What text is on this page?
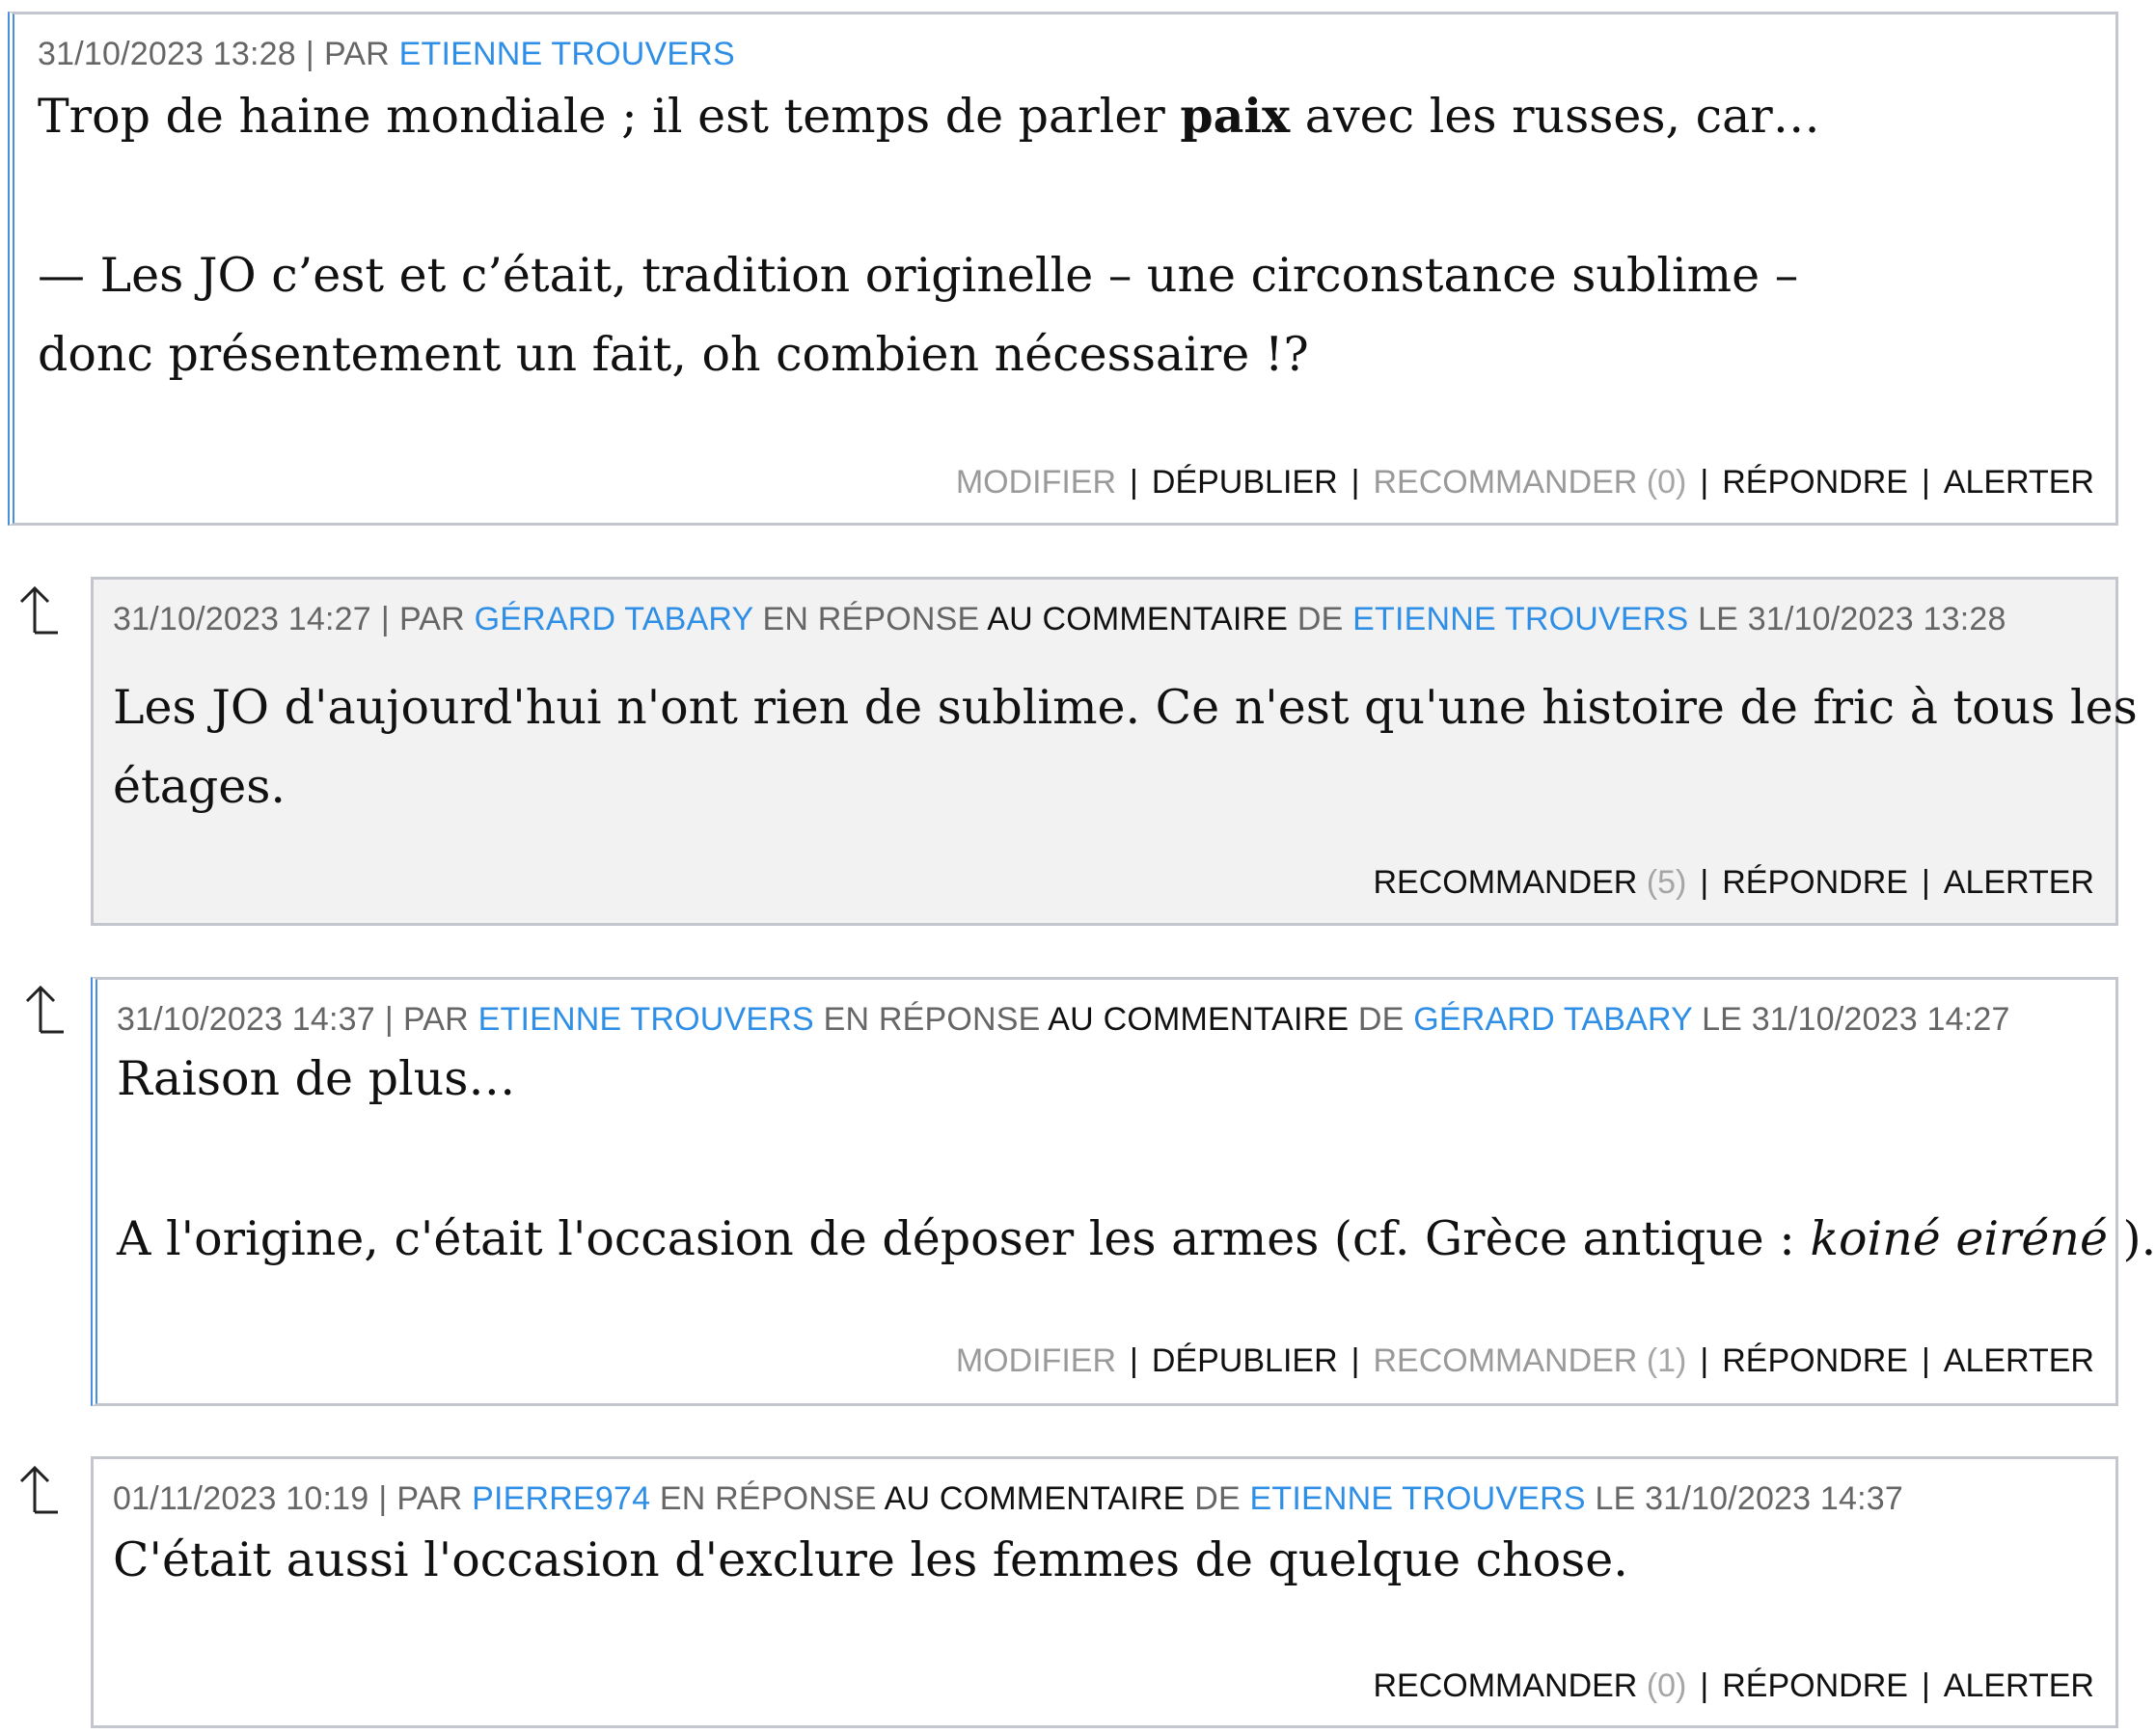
31/10/2023 13:28 | PAR ETIENNE TROUVERS

Trop de haine mondiale ; il est temps de parler paix avec les russes, car…

— Les JO c’est et c’était, tradition originelle – une circonstance sublime –

donc présentement un fait, oh combien nécessaire !?

MODIFIER | DÉPUBLIER | RECOMMANDER (0) | RÉPONDRE | ALERTER
31/10/2023 14:27 | PAR GÉRARD TABARY EN RÉPONSE AU COMMENTAIRE DE ETIENNE TROUVERS LE 31/10/2023 13:28

Les JO d'aujourd'hui n'ont rien de sublime. Ce n'est qu'une histoire de fric à tous les

étages.

RECOMMANDER (5) | RÉPONDRE | ALERTER
31/10/2023 14:37 | PAR ETIENNE TROUVERS EN RÉPONSE AU COMMENTAIRE DE GÉRARD TABARY LE 31/10/2023 14:27

Raison de plus…

A l'origine, c'était l'occasion de déposer les armes (cf. Grèce antique : koiné eiréné ).

MODIFIER | DÉPUBLIER | RECOMMANDER (1) | RÉPONDRE | ALERTER
01/11/2023 10:19 | PAR PIERRE974 EN RÉPONSE AU COMMENTAIRE DE ETIENNE TROUVERS LE 31/10/2023 14:37

C'était aussi l'occasion d'exclure les femmes de quelque chose.

RECOMMANDER (0) | RÉPONDRE | ALERTER
